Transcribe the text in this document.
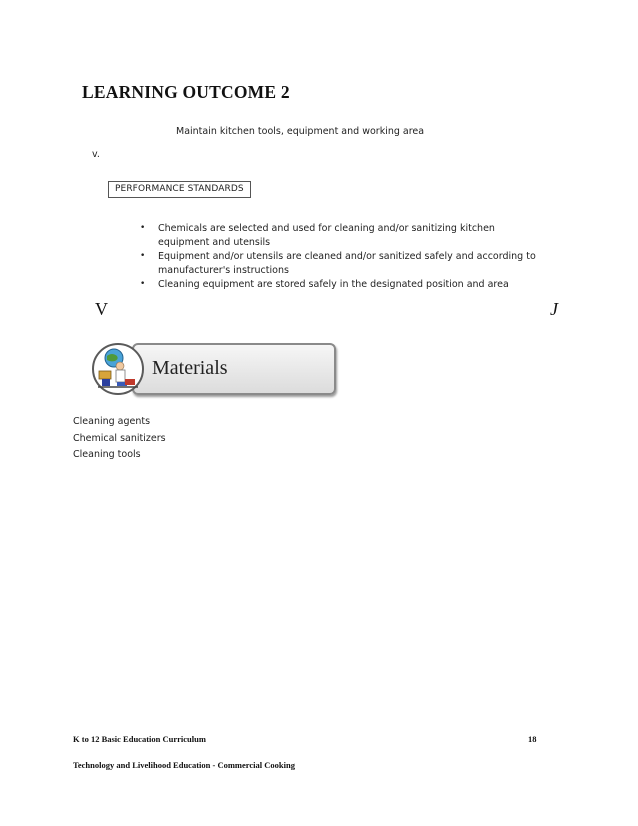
LEARNING OUTCOME 2
Maintain kitchen tools, equipment and working area
v.
PERFORMANCE STANDARDS
• Chemicals are selected and used for cleaning and/or sanitizing kitchen equipment and utensils
• Equipment and/or utensils are cleaned and/or sanitized safely and according to manufacturer's instructions
• Cleaning equipment are stored safely in the designated position and area
V	J
Materials
Cleaning agents
Chemical sanitizers
Cleaning tools
K to 12 Basic Education Curriculum	18
Technology and Livelihood Education - Commercial Cooking
